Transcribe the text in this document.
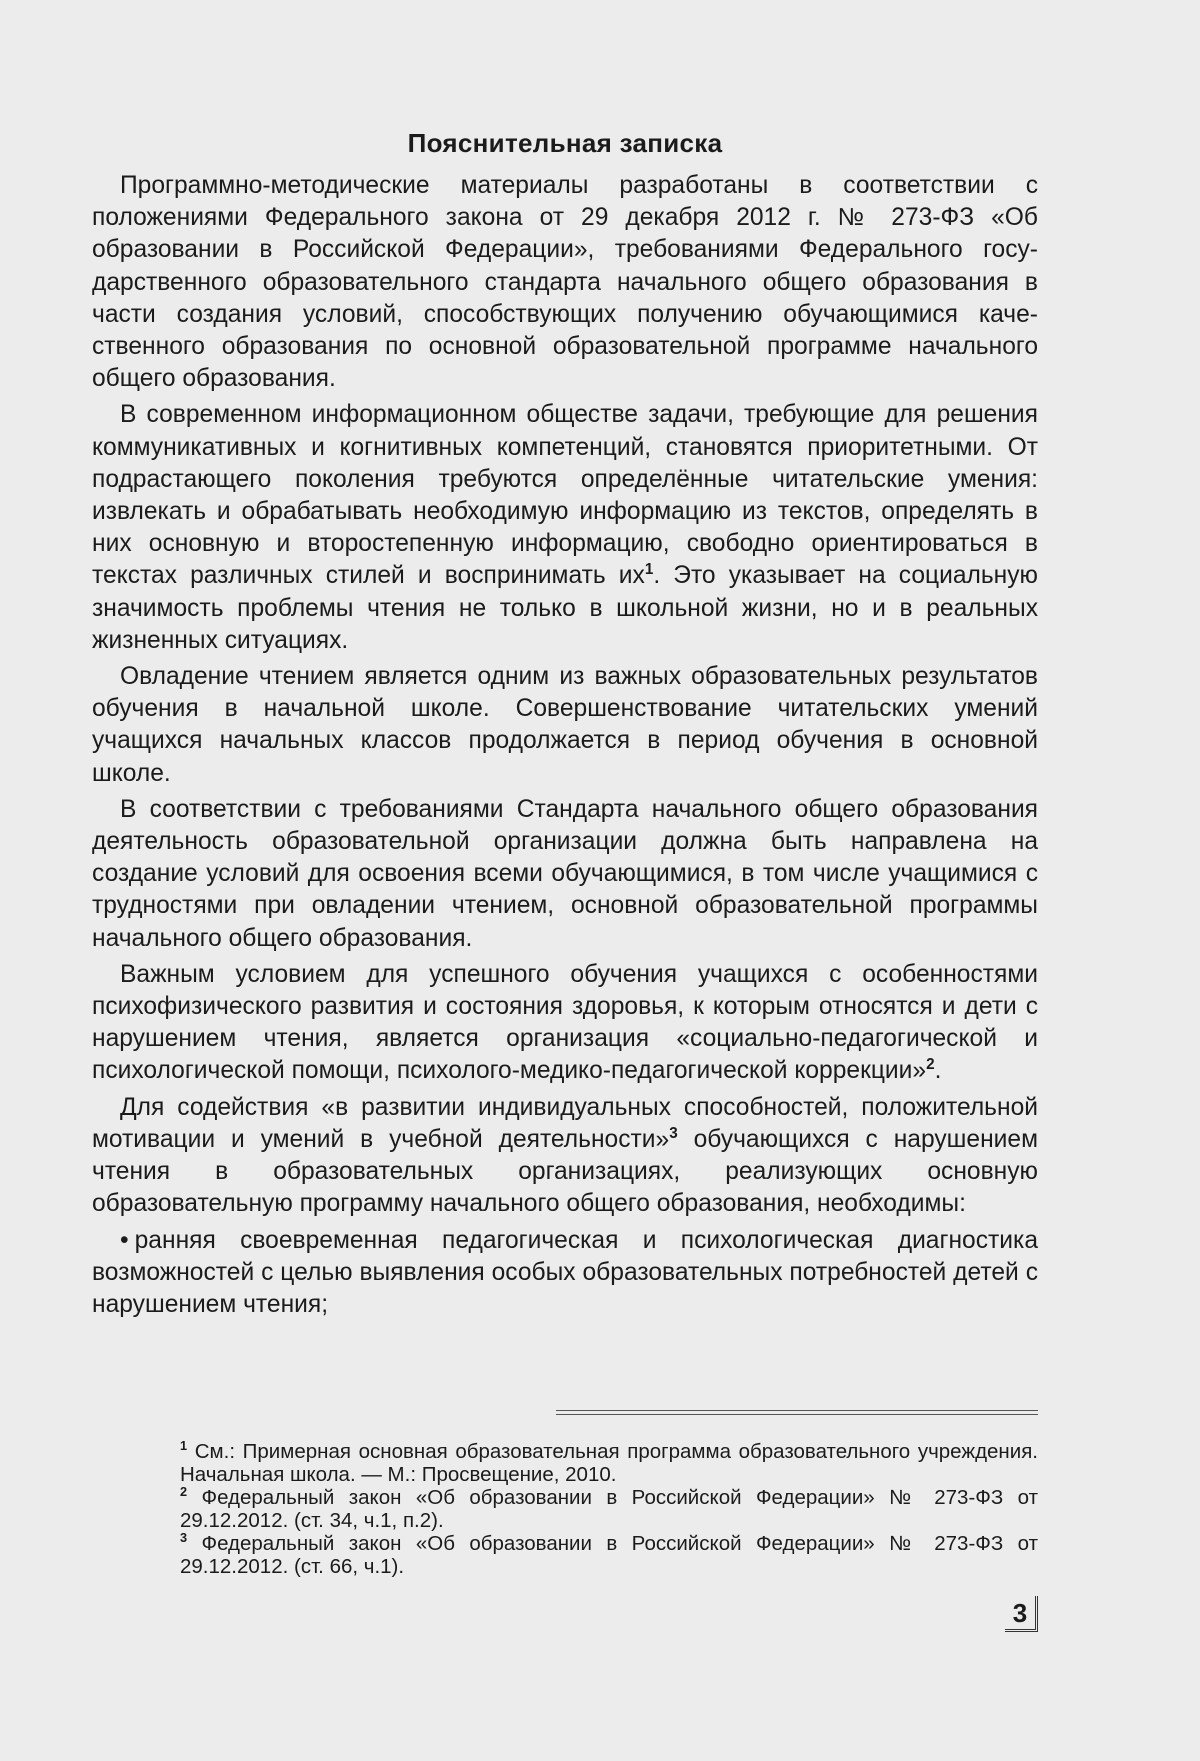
Пояснительная записка

Программно-методические материалы разработаны в соответствии с положениями Федерального закона от 29 декабря 2012 г. № 273-ФЗ «Об образовании в Российской Федерации», требованиями Федерального государственного образовательного стандарта начального общего образования в части создания условий, способствующих получению обучающимися качественного образования по основной образовательной программе начального общего образования.

В современном информационном обществе задачи, требующие для решения коммуникативных и когнитивных компетенций, становятся приоритетными. От подрастающего поколения требуются определённые читательские умения: извлекать и обрабатывать необходимую информацию из текстов, определять в них основную и второстепенную информацию, свободно ориентироваться в текстах различных стилей и воспринимать $их^1$. Это указывает на социальную значимость проблемы чтения не только в школьной жизни, но и в реальных жизненных ситуациях.

Овладение чтением является одним из важных образовательных результатов обучения в начальной школе. Совершенствование читательских умений учащихся начальных классов продолжается в период обучения в основной школе.

В соответствии с требованиями Стандарта начального общего образования деятельность образовательной организации должна быть направлена на создание условий для освоения всеми обучающимися, в том числе учащимися с трудностями при овладении чтением, основной образовательной программы начального общего образования.

Важным условием для успешного обучения учащихся с особенностями психофизического развития и состояния здоровья, к которым относятся и дети с нарушением чтения, является организация «социально-педагогической и психологической помощи, психолого-медико-педагогической коррекции»$^2$.

Для содействия «в развитии индивидуальных способностей, положительной мотивации и умений в учебной деятельности»$^3$ обучающихся с нарушением чтения в образовательных организациях, реализующих основную образовательную программу начального общего образования, необходимы:

• ранняя своевременная педагогическая и психологическая диагностика возможностей с целью выявления особых образовательных потребностей детей с нарушением чтения;

$^1$ См.: Примерная основная образовательная программа образовательного учреждения. Начальная школа. — М.: Просвещение, 2010.

$^2$ Федеральный закон «Об образовании в Российской Федерации» № 273-ФЗ от 29.12.2012. (ст. 34, ч.1, п.2).

$^3$ Федеральный закон «Об образовании в Российской Федерации» № 273-ФЗ от 29.12.2012. (ст. 66, ч.1).

3
